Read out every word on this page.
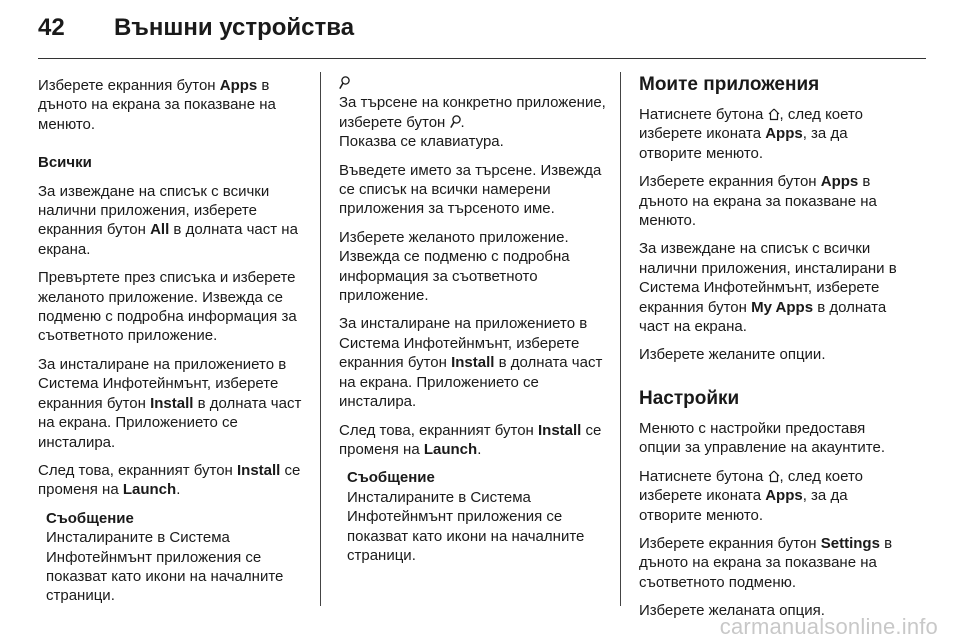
42 Външни устройства

Изберете екранния бутон Apps в дъното на екрана за показване на менюто.

Всички

За извеждане на списък с всички налични приложения, изберете екранния бутон All в долната част на екрана.

Превъртете през списъка и изберете желаното приложение. Извежда се подменю с подробна информация за съответното приложение.

За инсталиране на приложението в Система Инфотейнмънт, изберете екранния бутон Install в долната част на екрана. Приложението се инсталира.

След това, екранният бутон Install се променя на Launch.

Съобщение
Инсталираните в Система Инфотейнмънт приложения се показват като икони на началните страници.

За търсене на конкретно приложение, изберете бутон
.
Показва се клавиатура.

Въведете името за търсене. Извежда се списък на всички намерени приложения за търсеното име.

Изберете желаното приложение. Извежда се подменю с подробна информация за съответното приложение.

За инсталиране на приложението в Система Инфотейнмънт, изберете екранния бутон Install в долната част на екрана. Приложението се инсталира.

След това, екранният бутон Install се променя на Launch.

Съобщение
Инсталираните в Система Инфотейнмънт приложения се показват като икони на началните страници.

Моите приложения

Натиснете бутона , след което изберете иконата Apps, за да отворите менюто.

Изберете екранния бутон Apps в дъното на екрана за показване на менюто.

За извеждане на списък с всички налични приложения, инсталирани в Система Инфотейнмънт, изберете екранния бутон My Apps в долната част на екрана.

Изберете желаните опции.

Настройки

Менюто с настройки предоставя опции за управление на акаунтите.

Натиснете бутона , след което изберете иконата Apps, за да отворите менюто.

Изберете екранния бутон Settings в дъното на екрана за показване на съответното подменю.

Изберете желаната опция.

carmanualsonline.info
